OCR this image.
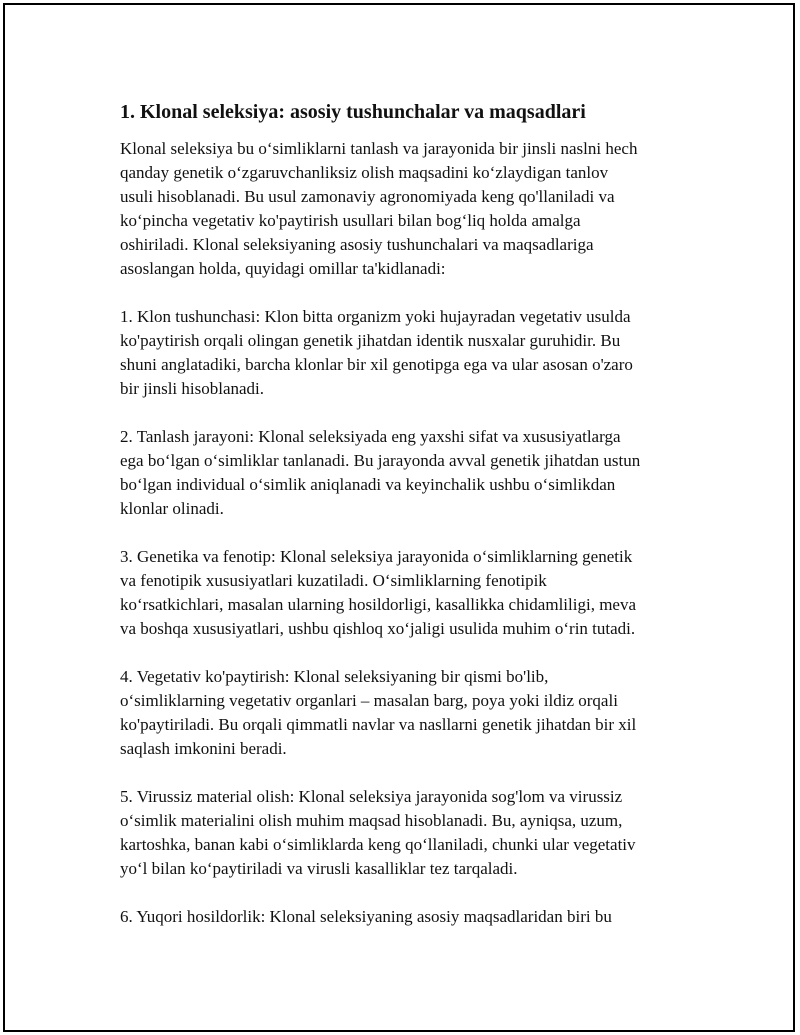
1. Klonal seleksiya: asosiy tushunchalar va maqsadlari

Klonal seleksiya bu o‘simliklarni tanlash va jarayonida bir jinsli naslni hech
qanday genetik o‘zgaruvchanliksiz olish maqsadini ko‘zlaydigan tanlov
usuli hisoblanadi. Bu usul zamonaviy agronomiyada keng qo'llaniladi va
ko‘pincha vegetativ ko'paytirish usullari bilan bog‘liq holda amalga
oshiriladi. Klonal seleksiyaning asosiy tushunchalari va maqsadlariga
asoslangan holda, quyidagi omillar ta'kidlanadi:

1. Klon tushunchasi: Klon bitta organizm yoki hujayradan vegetativ usulda
ko'paytirish orqali olingan genetik jihatdan identik nusxalar guruhidir. Bu
shuni anglatadiki, barcha klonlar bir xil genotipga ega va ular asosan o'zaro
bir jinsli hisoblanadi.

2. Tanlash jarayoni: Klonal seleksiyada eng yaxshi sifat va xususiyatlarga
ega bo‘lgan o‘simliklar tanlanadi. Bu jarayonda avval genetik jihatdan ustun
bo‘lgan individual o‘simlik aniqlanadi va keyinchalik ushbu o‘simlikdan
klonlar olinadi.

3. Genetika va fenotip: Klonal seleksiya jarayonida o‘simliklarning genetik
va fenotipik xususiyatlari kuzatiladi. O‘simliklarning fenotipik
ko‘rsatkichlari, masalan ularning hosildorligi, kasallikka chidamliligi, meva
va boshqa xususiyatlari, ushbu qishloq xo‘jaligi usulida muhim o‘rin tutadi.

4. Vegetativ ko'paytirish: Klonal seleksiyaning bir qismi bo'lib,
o‘simliklarning vegetativ organlari – masalan barg, poya yoki ildiz orqali
ko'paytiriladi. Bu orqali qimmatli navlar va nasllarni genetik jihatdan bir xil
saqlash imkonini beradi.

5. Virussiz material olish: Klonal seleksiya jarayonida sog'lom va virussiz
o‘simlik materialini olish muhim maqsad hisoblanadi. Bu, ayniqsa, uzum,
kartoshka, banan kabi o‘simliklarda keng qo‘llaniladi, chunki ular vegetativ
yo‘l bilan ko‘paytiriladi va virusli kasalliklar tez tarqaladi.

6. Yuqori hosildorlik: Klonal seleksiyaning asosiy maqsadlaridan biri bu
